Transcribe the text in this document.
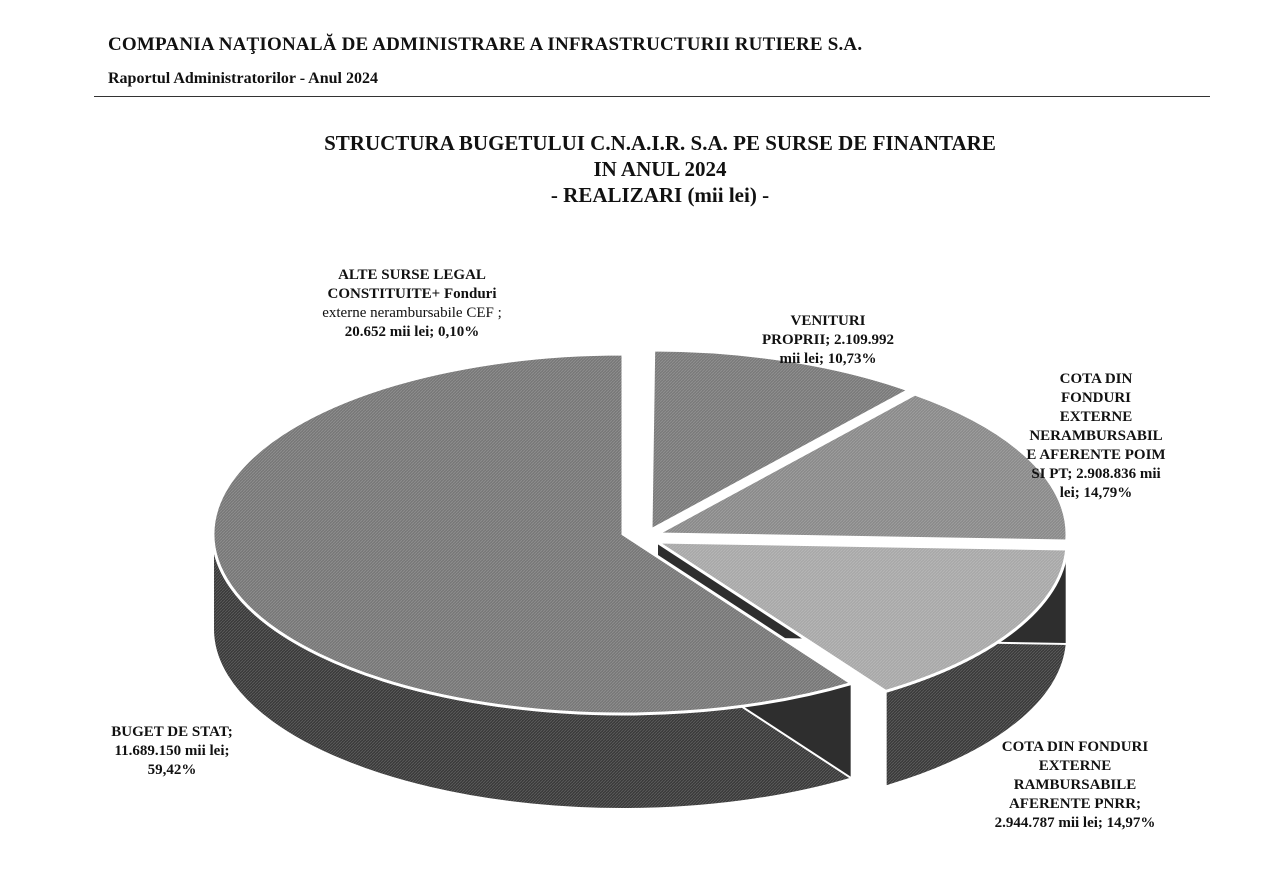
COMPANIA NAŢIONALĂ DE ADMINISTRARE A INFRASTRUCTURII RUTIERE S.A.
Raportul Administratorilor - Anul 2024
STRUCTURA BUGETULUI C.N.A.I.R. S.A. PE SURSE DE FINANTARE
IN ANUL 2024
- REALIZARI (mii lei) -
ALTE SURSE LEGAL
CONSTITUITE+ Fonduri
externe nerambursabile CEF ;
20.652 mii lei; 0,10%
VENITURI
PROPRII; 2.109.992
mii lei; 10,73%
COTA DIN
FONDURI
EXTERNE
NERAMBURSABIL
E AFERENTE POIM
SI PT; 2.908.836 mii
lei; 14,79%
BUGET DE STAT;
11.689.150 mii lei;
59,42%
COTA DIN FONDURI
EXTERNE
RAMBURSABILE
AFERENTE PNRR;
2.944.787 mii lei; 14,97%
